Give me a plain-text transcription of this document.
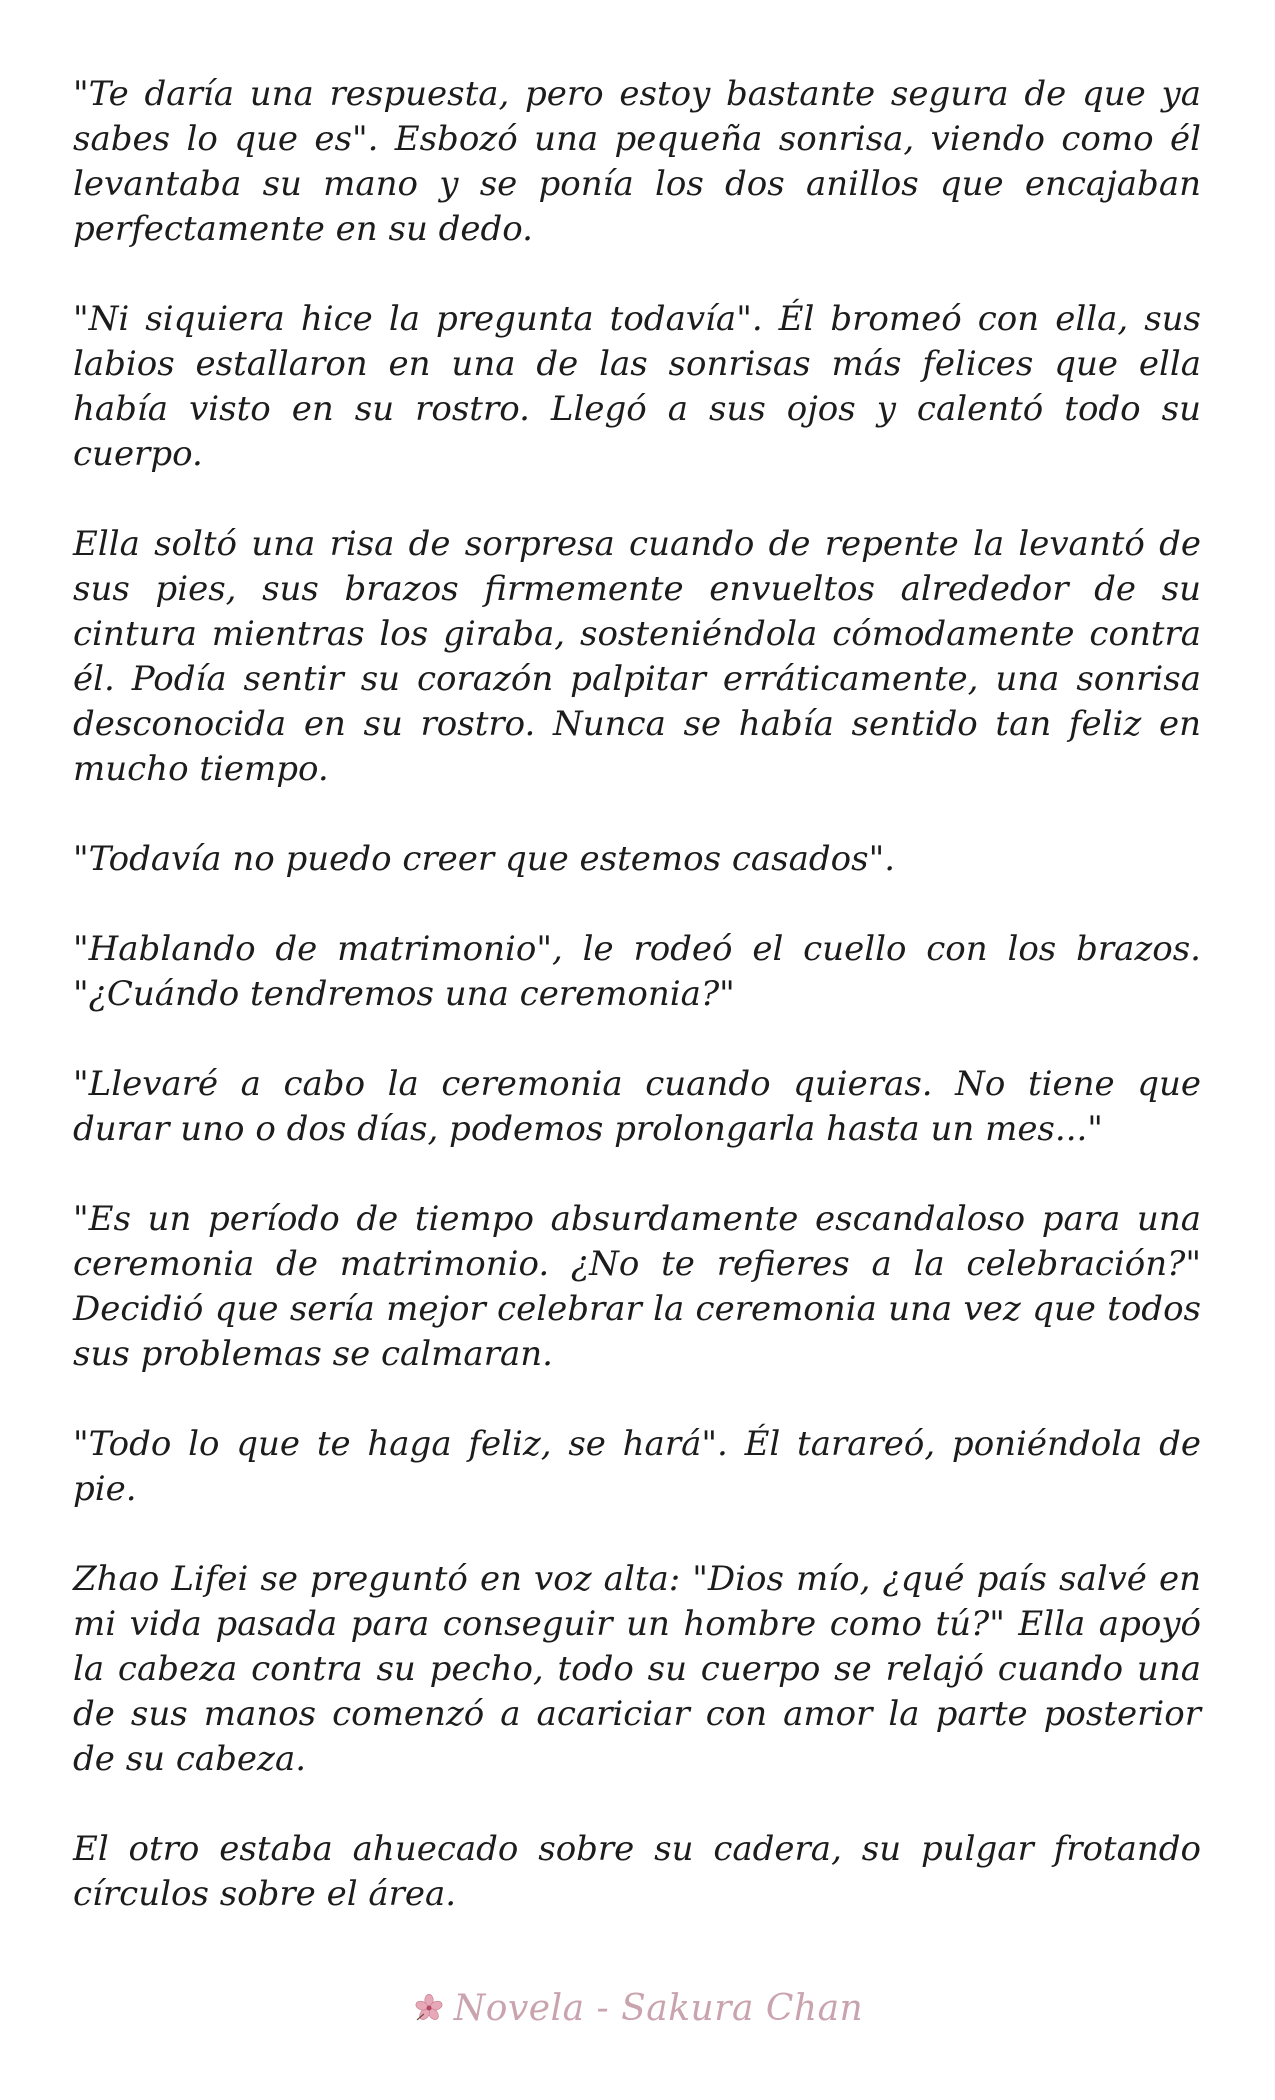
"Te daría una respuesta, pero estoy bastante segura de que ya sabes lo que es". Esbozó una pequeña sonrisa, viendo como él levantaba su mano y se ponía los dos anillos que encajaban perfectamente en su dedo.

"Ni siquiera hice la pregunta todavía". Él bromeó con ella, sus labios estallaron en una de las sonrisas más felices que ella había visto en su rostro. Llegó a sus ojos y calentó todo su cuerpo.

Ella soltó una risa de sorpresa cuando de repente la levantó de sus pies, sus brazos firmemente envueltos alrededor de su cintura mientras los giraba, sosteniéndola cómodamente contra él. Podía sentir su corazón palpitar erráticamente, una sonrisa desconocida en su rostro. Nunca se había sentido tan feliz en mucho tiempo.

"Todavía no puedo creer que estemos casados".

"Hablando de matrimonio", le rodeó el cuello con los brazos. "¿Cuándo tendremos una ceremonia?"

"Llevaré a cabo la ceremonia cuando quieras. No tiene que durar uno o dos días, podemos prolongarla hasta un mes..."

"Es un período de tiempo absurdamente escandaloso para una ceremonia de matrimonio. ¿No te refieres a la celebración?" Decidió que sería mejor celebrar la ceremonia una vez que todos sus problemas se calmaran.

"Todo lo que te haga feliz, se hará". Él tarareó, poniéndola de pie.

Zhao Lifei se preguntó en voz alta: "Dios mío, ¿qué país salvé en mi vida pasada para conseguir un hombre como tú?" Ella apoyó la cabeza contra su pecho, todo su cuerpo se relajó cuando una de sus manos comenzó a acariciar con amor la parte posterior de su cabeza.

El otro estaba ahuecado sobre su cadera, su pulgar frotando círculos sobre el área.

Novela - Sakura Chan
